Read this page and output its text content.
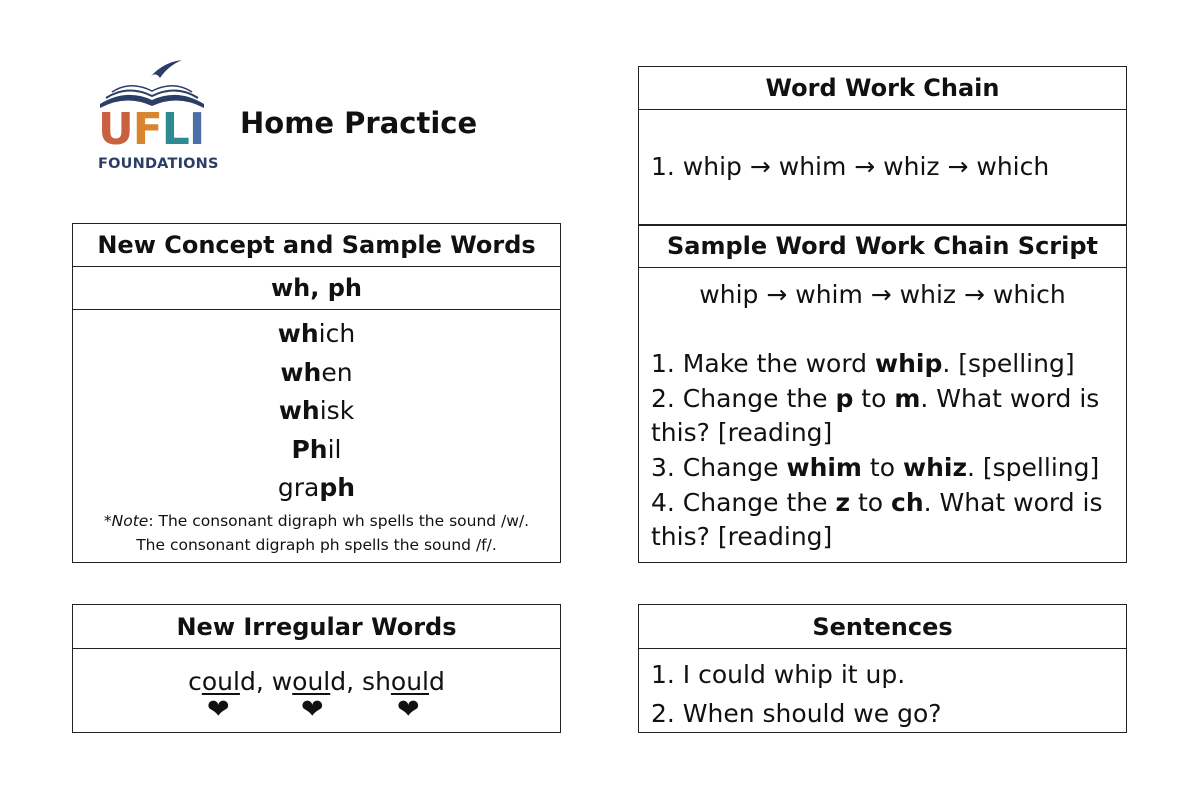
UFLI
FOUNDATIONS
Home Practice
New Concept and Sample Words
wh, ph
which
when
whisk
Phil
graph
*Note: The consonant digraph wh spells the sound /w/.
The consonant digraph ph spells the sound /f/.
New Irregular Words
could, would, should
❤	❤	❤
Word Work Chain
1. whip → whim → whiz → which
Sample Word Work Chain Script
whip → whim → whiz → which
1. Make the word whip. [spelling]
2. Change the p to m. What word is this? [reading]
3. Change whim to whiz. [spelling]
4. Change the z to ch. What word is this? [reading]
Sentences
1. I could whip it up.
2. When should we go?
